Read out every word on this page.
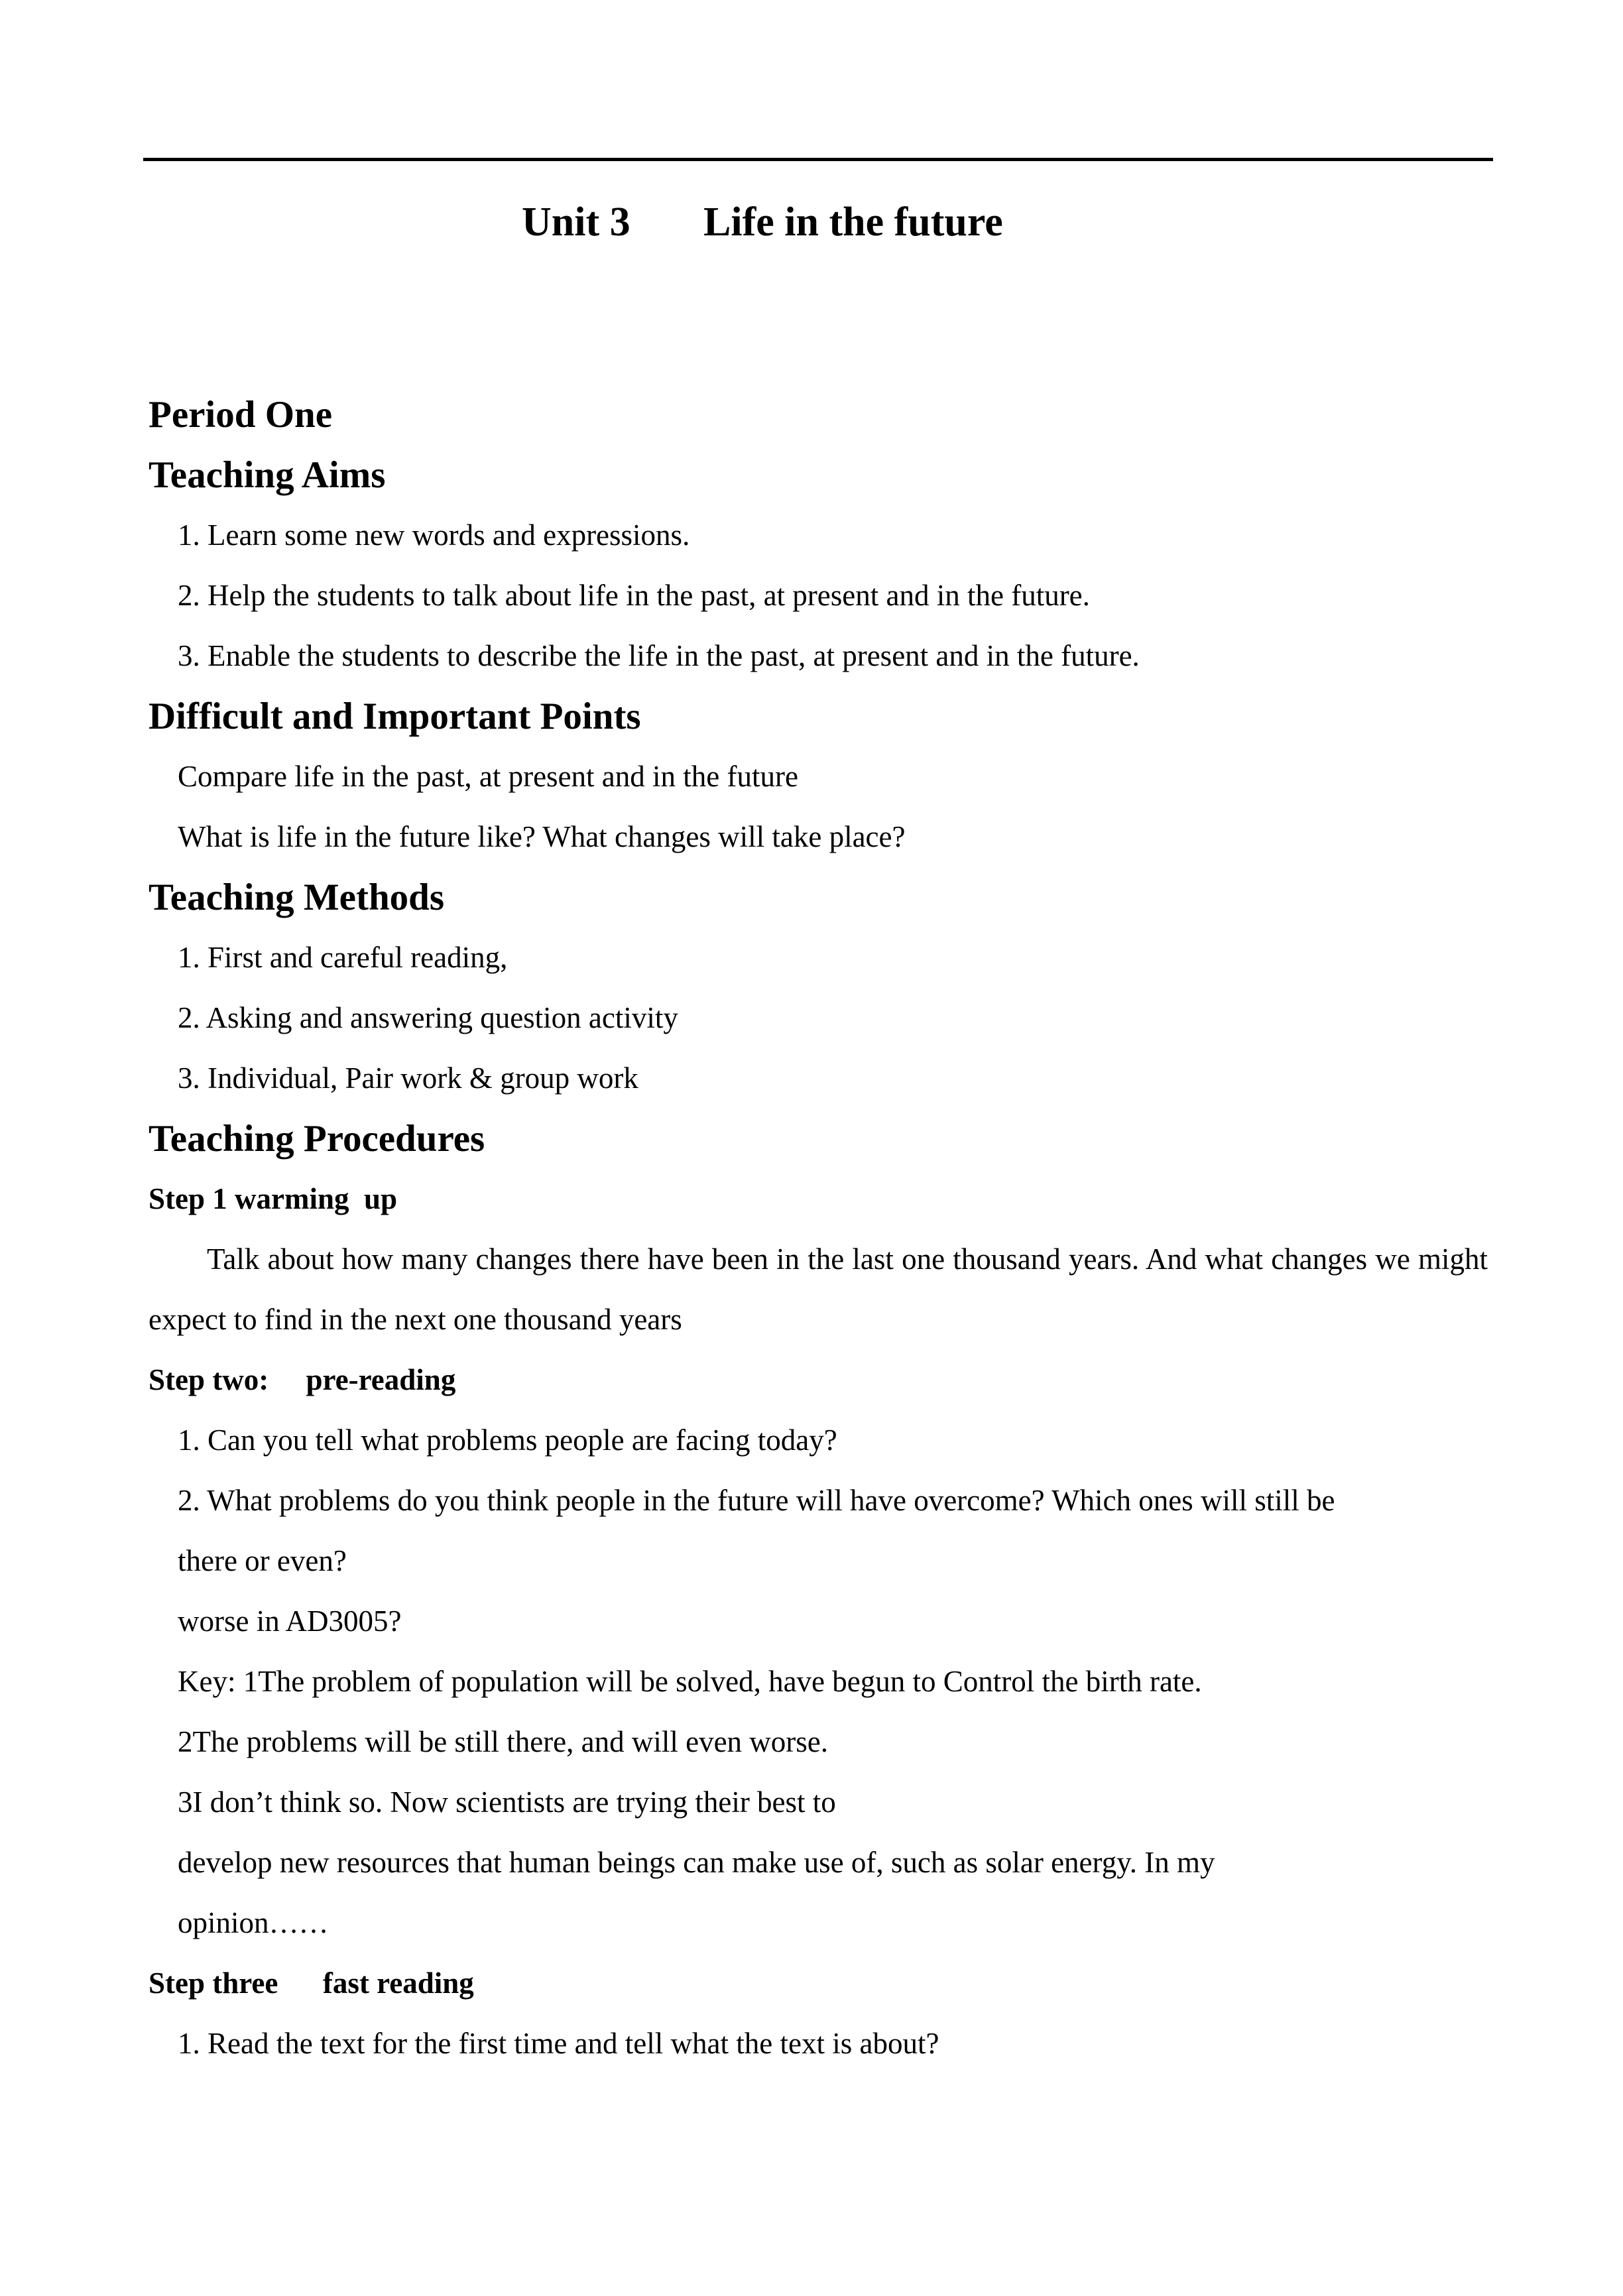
Unit 3 Life in the future
Period One
Teaching Aims
1. Learn some new words and expressions.
2. Help the students to talk about life in the past, at present and in the future.
3. Enable the students to describe the life in the past, at present and in the future.
Difficult and Important Points
Compare life in the past, at present and in the future
What is life in the future like? What changes will take place?
Teaching Methods
1. First and careful reading,
2. Asking and answering question activity
3. Individual, Pair work & group work
Teaching Procedures
Step 1 warming  up
Talk about how many changes there have been in the last one thousand years. And what changes we might expect to find in the next one thousand years
Step two:     pre-reading
1. Can you tell what problems people are facing today?
2. What problems do you think people in the future will have overcome? Which ones will still be
there or even?
worse in AD3005?
Key: 1The problem of population will be solved, have begun to Control the birth rate.
2The problems will be still there, and will even worse.
3I don’t think so. Now scientists are trying their best to
develop new resources that human beings can make use of, such as solar energy. In my
opinion……
Step three      fast reading
1. Read the text for the first time and tell what the text is about?
